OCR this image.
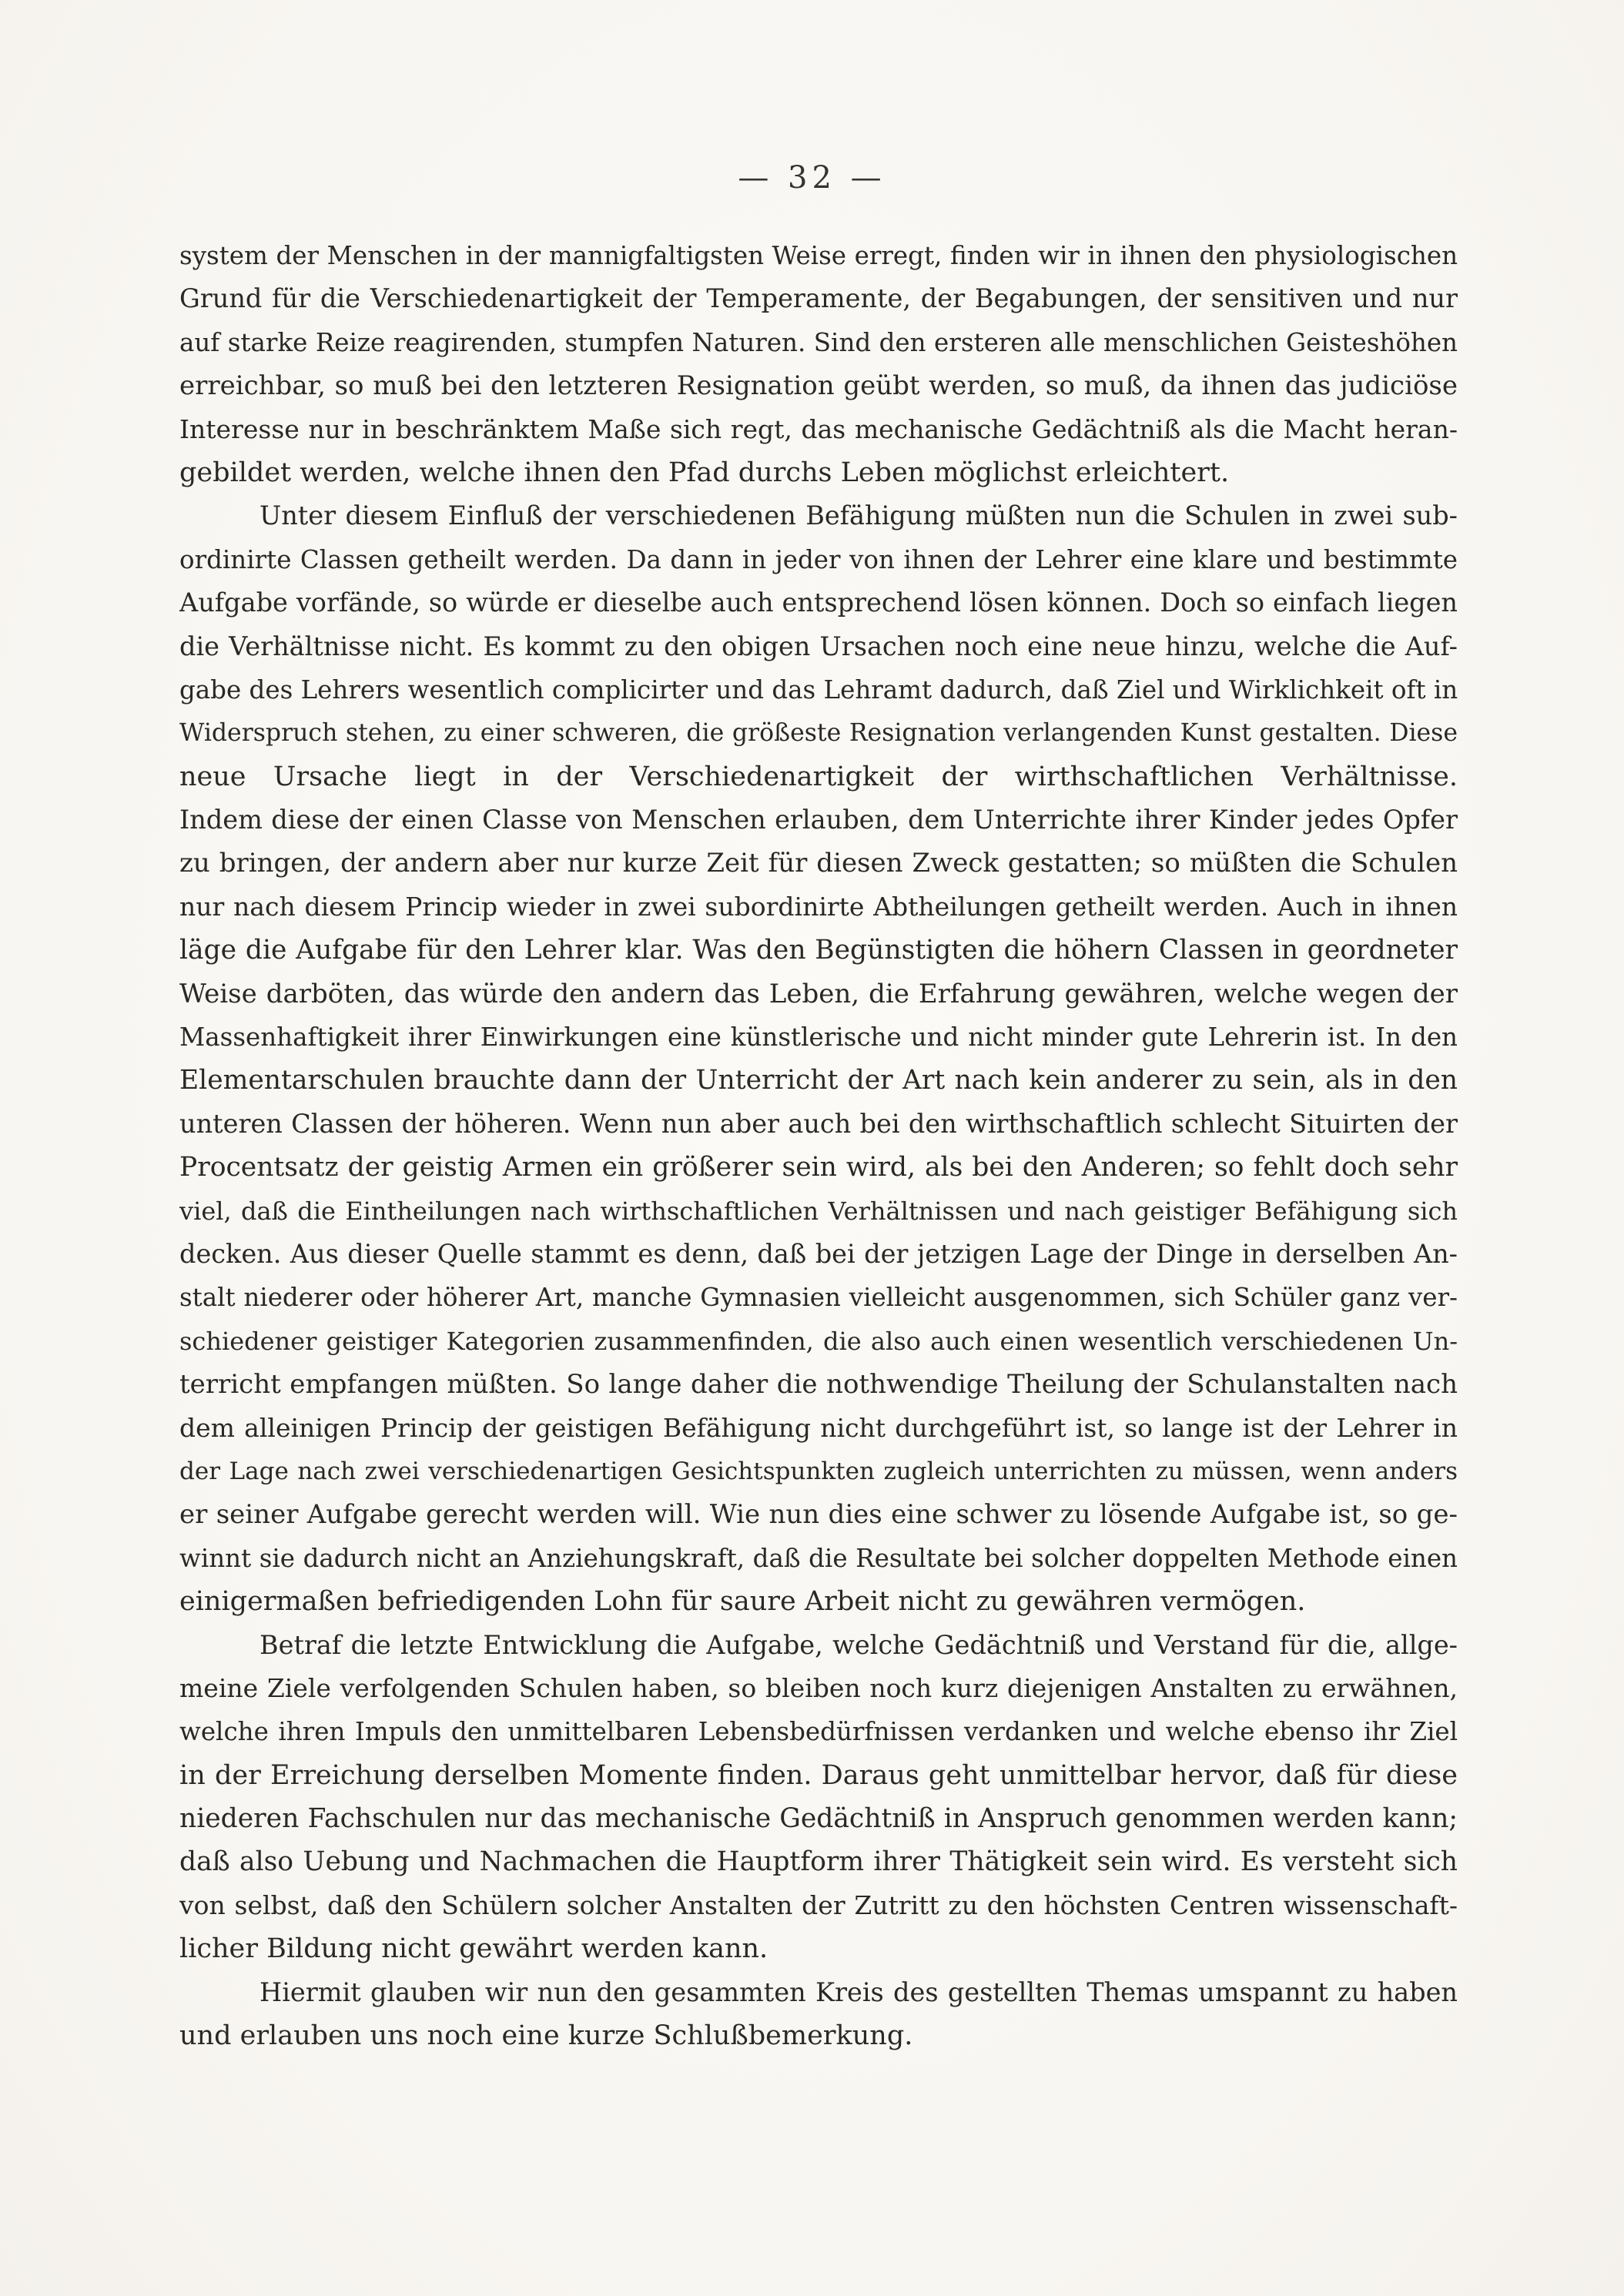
— 32 —
system der Menschen in der mannigfaltigsten Weise erregt, finden wir in ihnen den physiologischen
Grund für die Verschiedenartigkeit der Temperamente, der Begabungen, der sensitiven und nur
auf starke Reize reagirenden, stumpfen Naturen. Sind den ersteren alle menschlichen Geisteshöhen
erreichbar, so muß bei den letzteren Resignation geübt werden, so muß, da ihnen das judiciöse
Interesse nur in beschränktem Maße sich regt, das mechanische Gedächtniß als die Macht heran-
gebildet werden, welche ihnen den Pfad durchs Leben möglichst erleichtert.
Unter diesem Einfluß der verschiedenen Befähigung müßten nun die Schulen in zwei sub-
ordinirte Classen getheilt werden. Da dann in jeder von ihnen der Lehrer eine klare und bestimmte
Aufgabe vorfände, so würde er dieselbe auch entsprechend lösen können. Doch so einfach liegen
die Verhältnisse nicht. Es kommt zu den obigen Ursachen noch eine neue hinzu, welche die Auf-
gabe des Lehrers wesentlich complicirter und das Lehramt dadurch, daß Ziel und Wirklichkeit oft in
Widerspruch stehen, zu einer schweren, die größeste Resignation verlangenden Kunst gestalten. Diese
neue Ursache liegt in der Verschiedenartigkeit der wirthschaftlichen Verhältnisse.
Indem diese der einen Classe von Menschen erlauben, dem Unterrichte ihrer Kinder jedes Opfer
zu bringen, der andern aber nur kurze Zeit für diesen Zweck gestatten; so müßten die Schulen
nur nach diesem Princip wieder in zwei subordinirte Abtheilungen getheilt werden. Auch in ihnen
läge die Aufgabe für den Lehrer klar. Was den Begünstigten die höhern Classen in geordneter
Weise darböten, das würde den andern das Leben, die Erfahrung gewähren, welche wegen der
Massenhaftigkeit ihrer Einwirkungen eine künstlerische und nicht minder gute Lehrerin ist. In den
Elementarschulen brauchte dann der Unterricht der Art nach kein anderer zu sein, als in den
unteren Classen der höheren. Wenn nun aber auch bei den wirthschaftlich schlecht Situirten der
Procentsatz der geistig Armen ein größerer sein wird, als bei den Anderen; so fehlt doch sehr
viel, daß die Eintheilungen nach wirthschaftlichen Verhältnissen und nach geistiger Befähigung sich
decken. Aus dieser Quelle stammt es denn, daß bei der jetzigen Lage der Dinge in derselben An-
stalt niederer oder höherer Art, manche Gymnasien vielleicht ausgenommen, sich Schüler ganz ver-
schiedener geistiger Kategorien zusammenfinden, die also auch einen wesentlich verschiedenen Un-
terricht empfangen müßten. So lange daher die nothwendige Theilung der Schulanstalten nach
dem alleinigen Princip der geistigen Befähigung nicht durchgeführt ist, so lange ist der Lehrer in
der Lage nach zwei verschiedenartigen Gesichtspunkten zugleich unterrichten zu müssen, wenn anders
er seiner Aufgabe gerecht werden will. Wie nun dies eine schwer zu lösende Aufgabe ist, so ge-
winnt sie dadurch nicht an Anziehungskraft, daß die Resultate bei solcher doppelten Methode einen
einigermaßen befriedigenden Lohn für saure Arbeit nicht zu gewähren vermögen.
Betraf die letzte Entwicklung die Aufgabe, welche Gedächtniß und Verstand für die, allge-
meine Ziele verfolgenden Schulen haben, so bleiben noch kurz diejenigen Anstalten zu erwähnen,
welche ihren Impuls den unmittelbaren Lebensbedürfnissen verdanken und welche ebenso ihr Ziel
in der Erreichung derselben Momente finden. Daraus geht unmittelbar hervor, daß für diese
niederen Fachschulen nur das mechanische Gedächtniß in Anspruch genommen werden kann;
daß also Uebung und Nachmachen die Hauptform ihrer Thätigkeit sein wird. Es versteht sich
von selbst, daß den Schülern solcher Anstalten der Zutritt zu den höchsten Centren wissenschaft-
licher Bildung nicht gewährt werden kann.
Hiermit glauben wir nun den gesammten Kreis des gestellten Themas umspannt zu haben
und erlauben uns noch eine kurze Schlußbemerkung.
